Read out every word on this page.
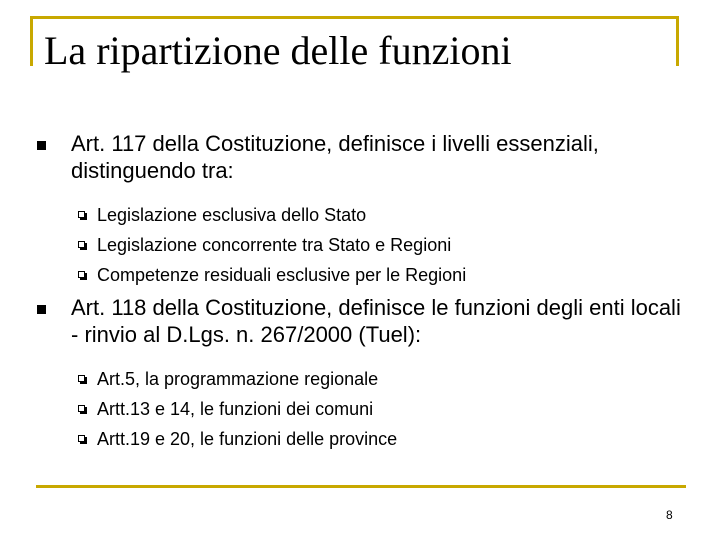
La ripartizione delle funzioni
Art. 117 della Costituzione, definisce i livelli essenziali, distinguendo tra:
Legislazione esclusiva dello Stato
Legislazione concorrente tra Stato e Regioni
Competenze residuali esclusive per le Regioni
Art. 118 della Costituzione, definisce le funzioni degli enti locali - rinvio al D.Lgs. n. 267/2000 (Tuel):
Art.5, la programmazione regionale
Artt.13 e 14, le funzioni dei comuni
Artt.19 e 20, le funzioni delle province
8
